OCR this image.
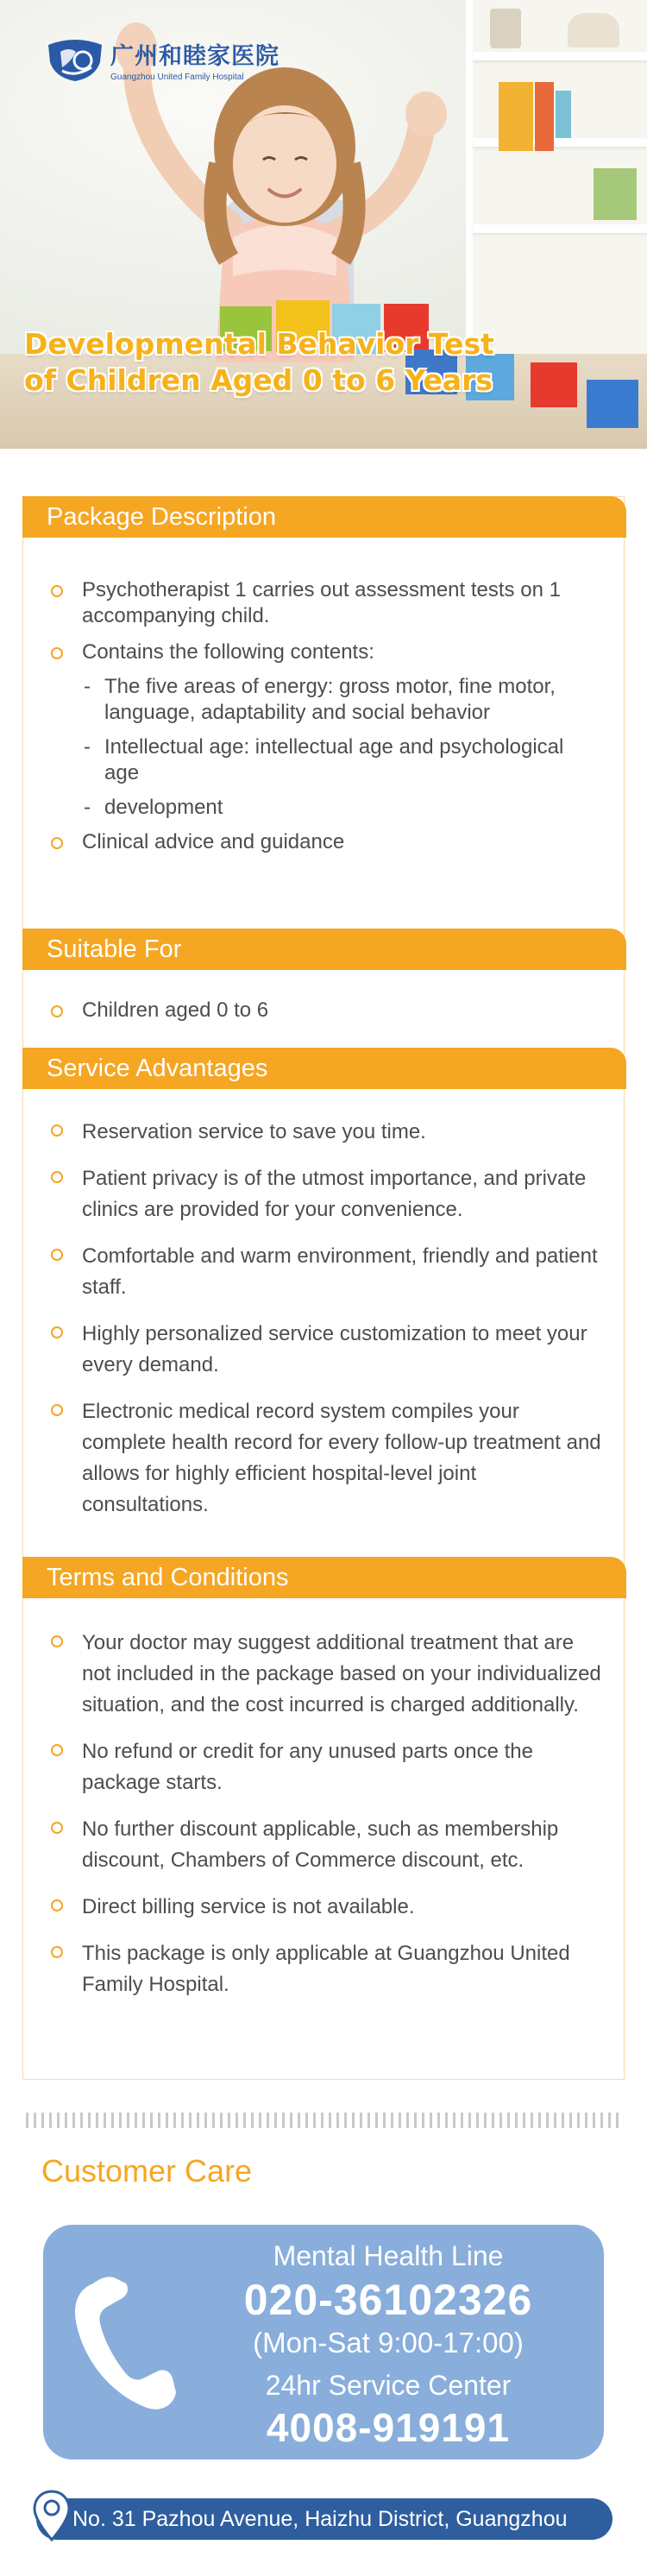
广州和睦家医院
Guangzhou United Family Hospital
Developmental Behavior Test
of Children Aged 0 to 6 Years
Package Description
Psychotherapist 1 carries out assessment tests on 1 accompanying child.
Contains the following contents:
- The five areas of energy: gross motor, fine motor, language, adaptability and social behavior
- Intellectual age: intellectual age and psychological age
- development
Clinical advice and guidance
Suitable For
Children aged 0 to 6
Service Advantages
Reservation service to save you time.
Patient privacy is of the utmost importance, and private clinics are provided for your convenience.
Comfortable and warm environment, friendly and patient staff.
Highly personalized service customization to meet your every demand.
Electronic medical record system compiles your complete health record for every follow-up treatment and allows for highly efficient hospital-level joint consultations.
Terms and Conditions
Your doctor may suggest additional treatment that are not included in the package based on your individualized situation, and the cost incurred is charged additionally.
No refund or credit for any unused parts once the package starts.
No further discount applicable, such as membership discount, Chambers of Commerce discount, etc.
Direct billing service is not available.
This package is only applicable at Guangzhou United Family Hospital.
Customer Care
Mental Health Line
020-36102326
(Mon-Sat 9:00-17:00)
24hr Service Center
4008-919191
No. 31 Pazhou Avenue, Haizhu District, Guangzhou
